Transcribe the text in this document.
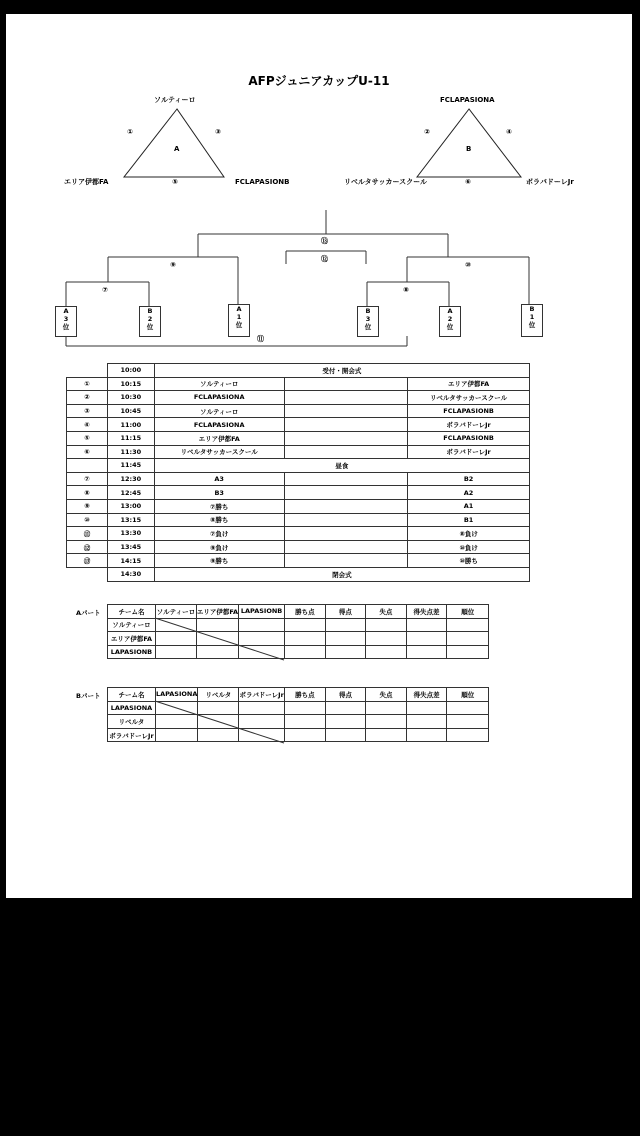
AFPジュニアカップU-11
ソルティーロ
エリア伊都FA	FCLAPASIONB
A
①	③
⑤
FCLAPASIONA
リベルタサッカースクール	ボラバドーレJr
B
②	④
⑥
⑬
⑫
⑨	⑩
⑦	⑧
⑪
A
3
位
B
2
位
A
1
位
B
3
位
A
2
位
B
1
位
	10:00	受付・開会式		
①	10:15	ソルティーロ		エリア伊都FA
②	10:30	FCLAPASIONA		リベルタサッカースクール
③	10:45	ソルティーロ		FCLAPASIONB
④	11:00	FCLAPASIONA		ボラバドーレJr
⑤	11:15	エリア伊都FA		FCLAPASIONB
⑥	11:30	リベルタサッカースクール		ボラバドーレJr
	11:45	昼食		
⑦	12:30	A3		B2
⑧	12:45	B3		A2
⑨	13:00	⑦勝ち		A1
⑩	13:15	⑧勝ち		B1
⑪	13:30	⑦負け		⑧負け
⑫	13:45	⑨負け		⑩負け
⑬	14:15	⑨勝ち		⑩勝ち
	14:30	閉会式		
Aパート	チーム名	ソルティーロ	エリア伊都FA	LAPASIONB	勝ち点	得点	失点	得失点差	順位
ソルティーロ								
エリア伊都FA								
LAPASIONB								
Bパート	チーム名	LAPASIONA	リベルタ	ボラバドーレJr	勝ち点	得点	失点	得失点差	順位
LAPASIONA								
リベルタ								
ボラバドーレJr								
